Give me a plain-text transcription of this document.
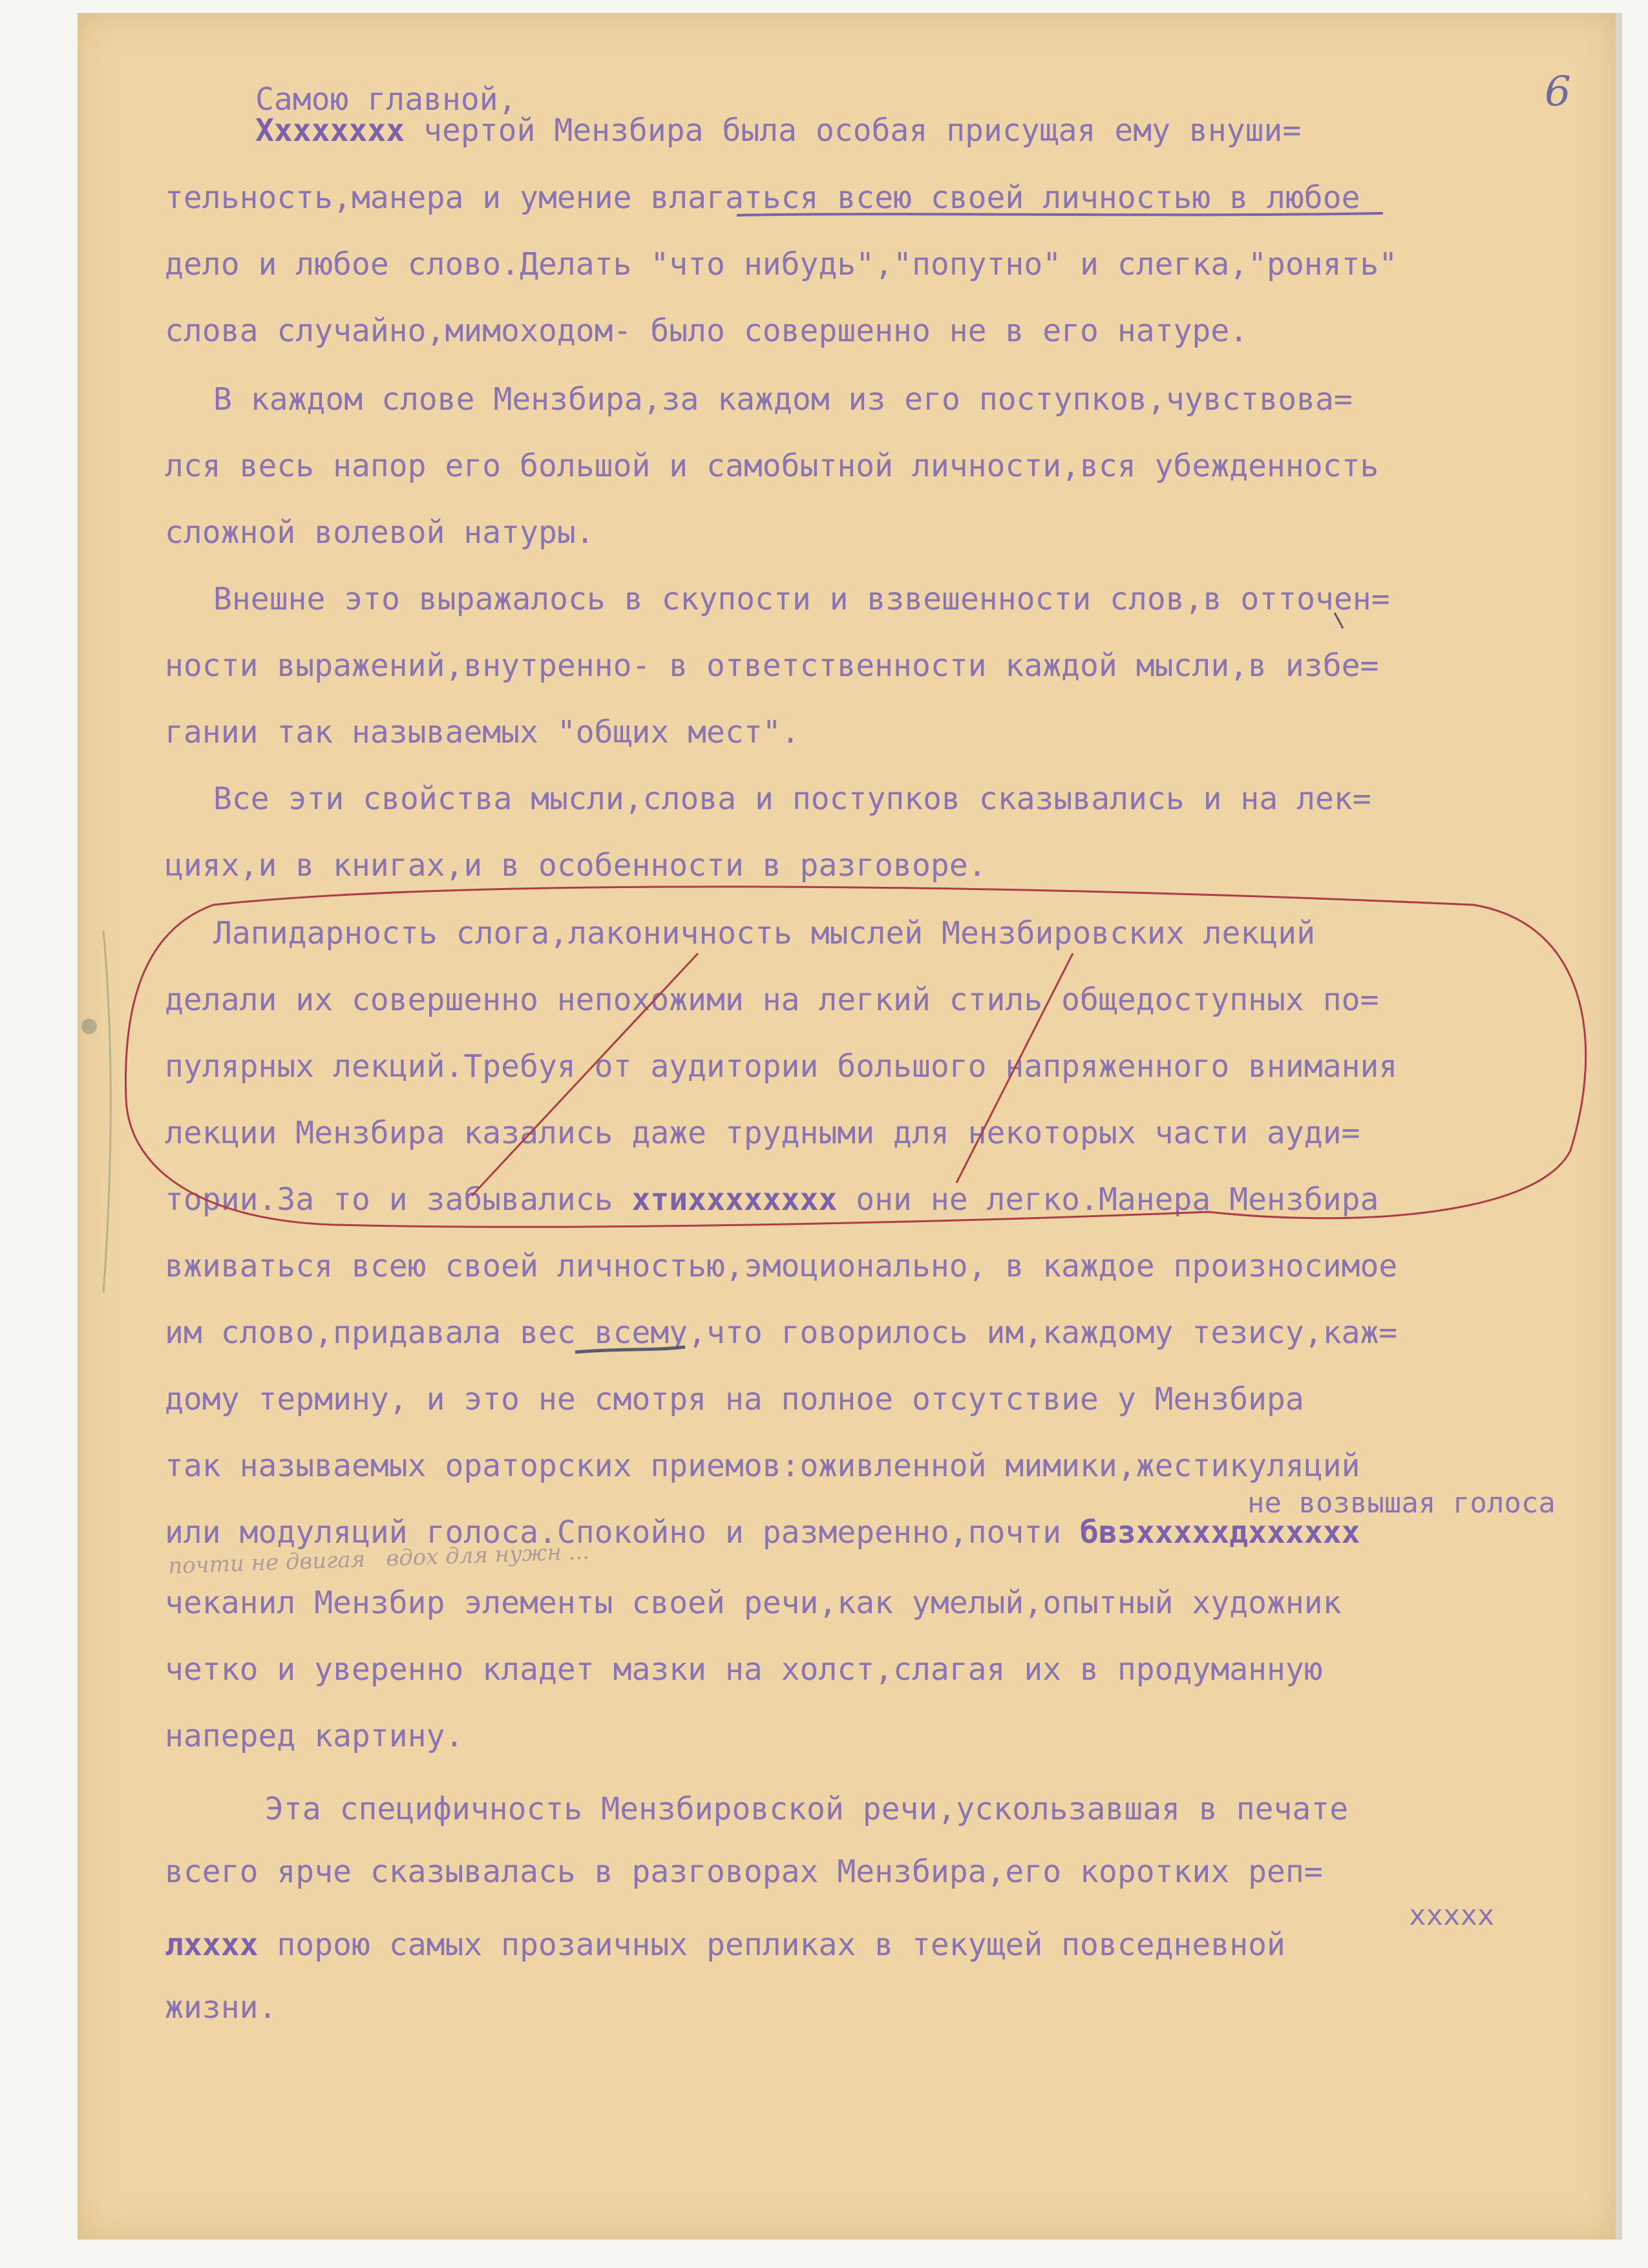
6

Самою главной,

Хххххххх чертой Мензбира была особая присущая ему внуши=

тельность,манера и умение влагаться всею своей личностью в любое

дело и любое слово.Делать "что нибудь","попутно" и слегка,"ронять"

слова случайно,мимоходом- было совершенно не в его натуре.

В каждом слове Мензбира,за каждом из его поступков,чувствова=

лся весь напор его большой и самобытной личности,вся убежденность

сложной волевой натуры.

Внешне это выражалось в скупости и взвешенности слов,в отточен=

ности выражений,внутренно- в ответственности каждой мысли,в избе=

гании так называемых "общих мест".

Все эти свойства мысли,слова и поступков сказывались и на лек=

циях,и в книгах,и в особенности в разговоре.

Лапидарность слога,лаконичность мыслей Мензбировских лекций

делали их совершенно непохожими на легкий стиль общедоступных по=

пулярных лекций.Требуя от аудитории большого напряженного внимания

лекции Мензбира казались даже трудными для некоторых части ауди=

тории.За то и забывались хтихххххххх они не легко.Манера Мензбира

вживаться всею своей личностью,эмоционально, в каждое произносимое

им слово,придавала вес всему,что говорилось им,каждому тезису,каж=

дому термину, и это не смотря на полное отсутствие у Мензбира

так называемых ораторских приемов:оживленной мимики,жестикуляций

или модуляций голоса.Спокойно и размеренно,почти бвзхххххдхххххх

чеканил Мензбир элементы своей речи,как умелый,опытный художник

четко и уверенно кладет мазки на холст,слагая их в продуманную

наперед картину.

Эта специфичность Мензбировской речи,ускользавшая в печате

всего ярче сказывалась в разговорах Мензбира,его коротких реп=

лхххх порою самых прозаичных репликах в текущей повседневной

жизни.

не возвышая голоса
ххххх
почти не двигая   вдох для нужн ...
